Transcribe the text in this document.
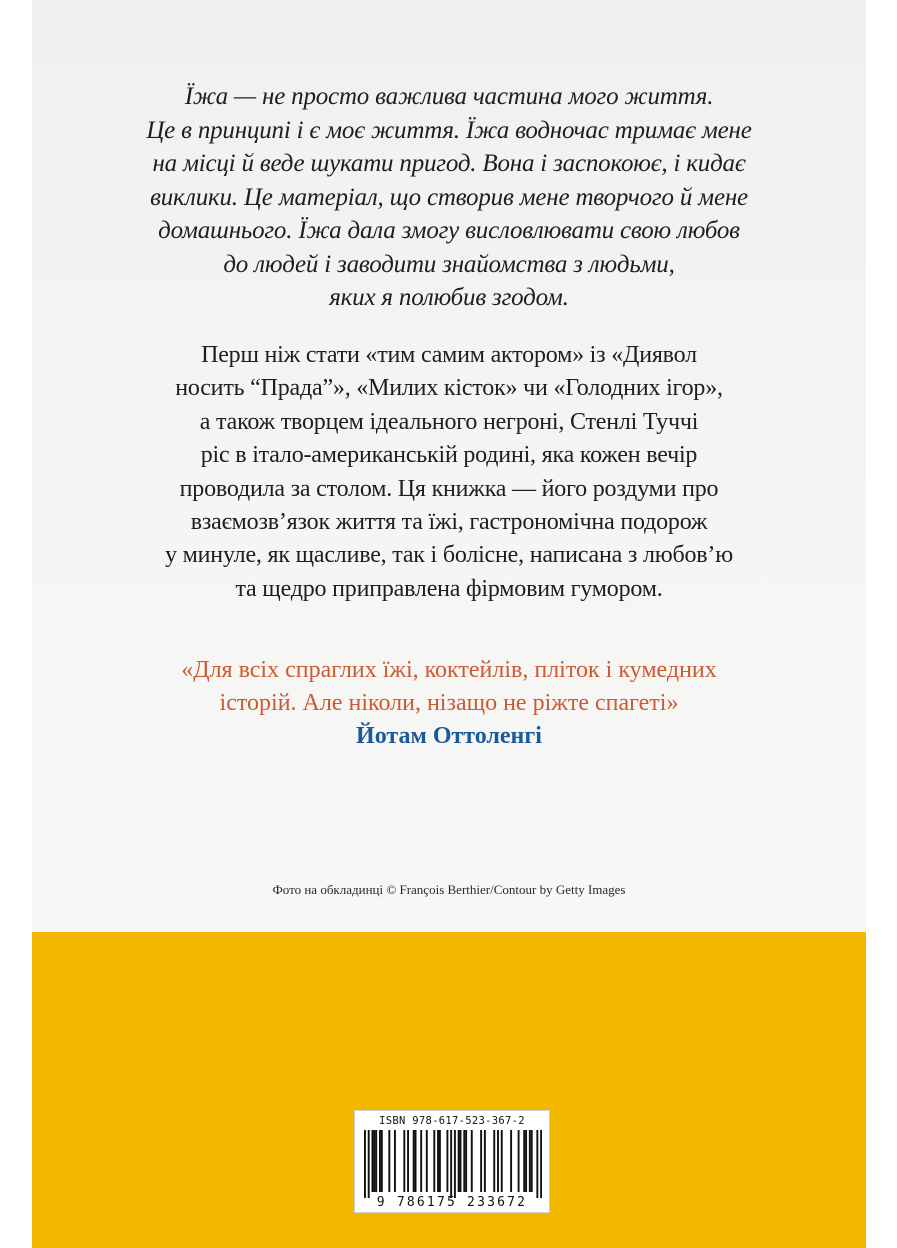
Їжа — не просто важлива частина мого життя.
Це в принципі і є моє життя. Їжа водночас тримає мене
на місці й веде шукати пригод. Вона і заспокоює, і кидає
виклики. Це матеріал, що створив мене творчого й мене
домашнього. Їжа дала змогу висловлювати свою любов
до людей і заводити знайомства з людьми,
яких я полюбив згодом.
Перш ніж стати «тим самим актором» із «Диявол
носить “Прада”», «Милих кісток» чи «Голодних ігор»,
а також творцем ідеального негроні, Стенлі Туччі
ріс в італо-американській родині, яка кожен вечір
проводила за столом. Ця книжка — його роздуми про
взаємозв’язок життя та їжі, гастрономічна подорож
у минуле, як щасливе, так і болісне, написана з любов’ю
та щедро приправлена фірмовим гумором.
«Для всіх спраглих їжі, коктейлів, пліток і кумедних
історій. Але ніколи, нізащо не ріжте спагеті»
Йотам Оттоленгі
Фото на обкладинці © François Berthier/Contour by Getty Images
ISBN 978-617-523-367-2
9 786175 233672
